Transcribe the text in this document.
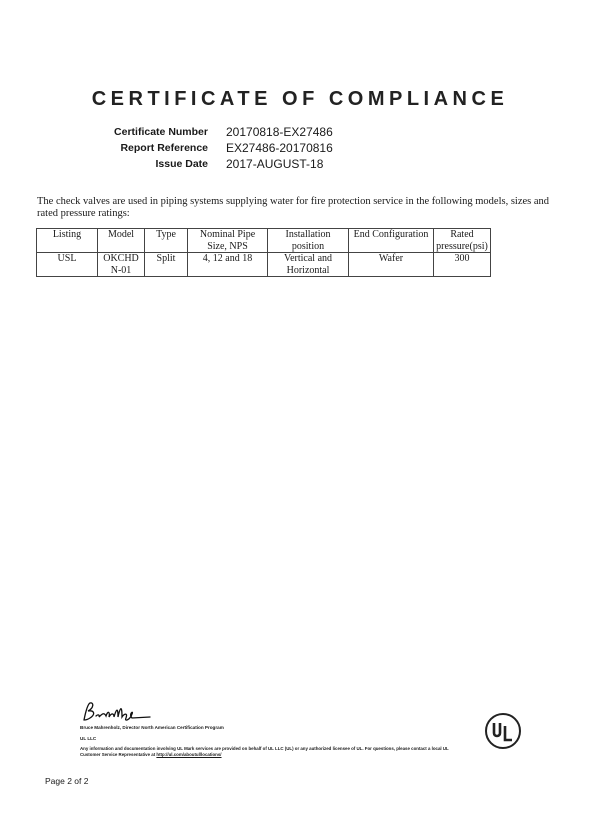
CERTIFICATE OF COMPLIANCE
Certificate Number	20170818-EX27486
Report Reference	EX27486-20170816
Issue Date	2017-AUGUST-18
The check valves are used in piping systems supplying water for fire protection service in the following models, sizes and rated pressure ratings:
Listing	Model	Type	Nominal Pipe Size, NPS	Installation position	End Configuration	Rated pressure(psi)
USL	OKCHD N-01	Split	4, 12 and 18	Vertical and Horizontal	Wafer	300
Bruce Mahrenholz, Director North American Certification Program
UL LLC
Any information and documentation involving UL Mark services are provided on behalf of UL LLC (UL) or any authorized licensee of UL. For questions, please contact a local UL Customer Service Representative at http://ul.com/aboutul/locations/
Page 2 of 2
